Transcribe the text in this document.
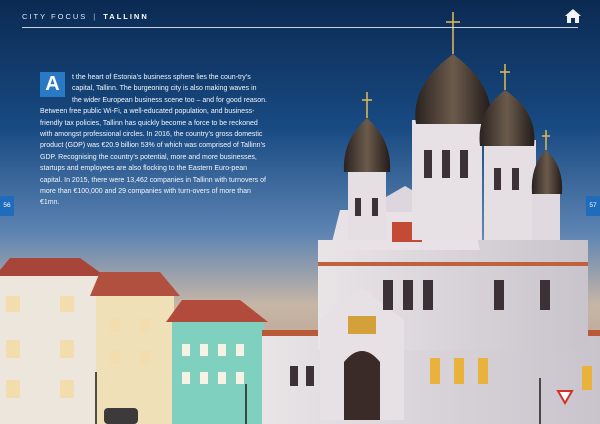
CITY FOCUS | TALLINN
A	t the heart of Estonia’s business sphere lies the coun-try’s capital, Tallinn. The burgeoning city is also making waves in the wider European business scene too – and for good reason. Between free public Wi-Fi, a well-educated population, and business-friendly tax policies, Tallinn has quickly become a force to be reckoned with amongst professional circles. In 2016, the country’s gross domestic product (GDP) was €20.9 billion 53% of which was comprised of Tallinn’s GDP. Recognising the country’s potential, more and more businesses, startups and employees are also flocking to the Eastern Euro-pean capital. In 2015, there were 13,462 companies in Tallinn with turnovers of more than €100,000 and 29 companies with turn-overs of more than €1mn.
56	57
